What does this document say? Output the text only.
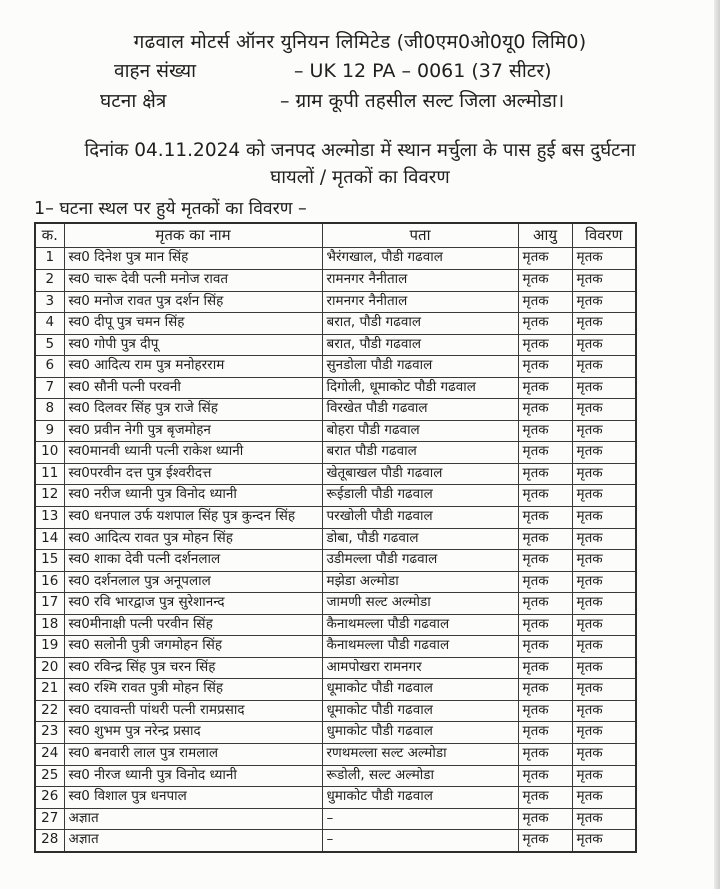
गढवाल मोटर्स ऑनर युनियन लिमिटेड (जी0एम0ओ0यू0 लिमि0)
वाहन संख्या	– UK 12 PA – 0061 (37 सीटर)
घटना क्षेत्र	– ग्राम कूपी तहसील सल्ट जिला अल्मोडा।
दिनांक 04.11.2024 को जनपद अल्मोडा में स्थान मर्चुला के पास हुई बस दुर्घटना
घायलों / मृतकों का विवरण
1– घटना स्थल पर हुये मृतकों का विवरण –
क.	मृतक का नाम	पता	आयु	विवरण
1	स्व0 दिनेश पुत्र मान सिंह	भैरंगखाल, पौडी गढवाल	मृतक	मृतक
2	स्व0 चारू देवी पत्नी मनोज रावत	रामनगर नैनीताल	मृतक	मृतक
3	स्व0 मनोज रावत पुत्र दर्शन सिंह	रामनगर नैनीताल	मृतक	मृतक
4	स्व0 दीपू पुत्र चमन सिंह	बरात, पौडी गढवाल	मृतक	मृतक
5	स्व0 गोपी पुत्र दीपू	बरात, पौडी गढवाल	मृतक	मृतक
6	स्व0 आदित्य राम पुत्र मनोहरराम	सुनडोला पौडी गढवाल	मृतक	मृतक
7	स्व0 सौनी पत्नी परवनी	दिगोली, धूमाकोट पौडी गढवाल	मृतक	मृतक
8	स्व0 दिलवर सिंह पुत्र राजे सिंह	विरखेत पौडी गढवाल	मृतक	मृतक
9	स्व0 प्रवीन नेगी पुत्र बृजमोहन	बोहरा पौडी गढवाल	मृतक	मृतक
10	स्व0मानवी ध्यानी पत्नी राकेश ध्यानी	बरात पौडी गढवाल	मृतक	मृतक
11	स्व0परवीन दत्त पुत्र ईश्वरीदत्त	खेतूबाखल पौडी गढवाल	मृतक	मृतक
12	स्व0 नरीज ध्यानी पुत्र विनोद ध्यानी	रूईडाली पौडी गढवाल	मृतक	मृतक
13	स्व0 धनपाल उर्फ यशपाल सिंह पुत्र कुन्दन सिंह	परखोली पौडी गढवाल	मृतक	मृतक
14	स्व0 आदित्य रावत पुत्र मोहन सिंह	डोबा, पौडी गढवाल	मृतक	मृतक
15	स्व0 शाका देवी पत्नी दर्शनलाल	उडीमल्ला पौडी गढवाल	मृतक	मृतक
16	स्व0 दर्शनलाल पुत्र अनूपलाल	मझेडा अल्मोडा	मृतक	मृतक
17	स्व0 रवि भारद्वाज पुत्र सुरेशानन्द	जामणी सल्ट अल्मोडा	मृतक	मृतक
18	स्व0मीनाक्षी पत्नी परवीन सिंह	कैनाथमल्ला पौडी गढवाल	मृतक	मृतक
19	स्व0 सलोनी पुत्री जगमोहन सिंह	कैनाथमल्ला पौडी गढवाल	मृतक	मृतक
20	स्व0 रविन्द्र सिंह पुत्र चरन सिंह	आमपोखरा रामनगर	मृतक	मृतक
21	स्व0 रश्मि रावत पुत्री मोहन सिंह	धूमाकोट पौडी गढवाल	मृतक	मृतक
22	स्व0 दयावन्ती पांथरी पत्नी रामप्रसाद	धूमाकोट पौडी गढवाल	मृतक	मृतक
23	स्व0 शुभम पुत्र नरेन्द्र प्रसाद	धुमाकोट पौडी गढवाल	मृतक	मृतक
24	स्व0 बनवारी लाल पुत्र रामलाल	रणथमल्ला सल्ट अल्मोडा	मृतक	मृतक
25	स्व0 नीरज ध्यानी पुत्र विनोद ध्यानी	रूडोली, सल्ट अल्मोडा	मृतक	मृतक
26	स्व0 विशाल पुत्र धनपाल	धुमाकोट पौडी गढवाल	मृतक	मृतक
27	अज्ञात	–	मृतक	मृतक
28	अज्ञात	–	मृतक	मृतक
